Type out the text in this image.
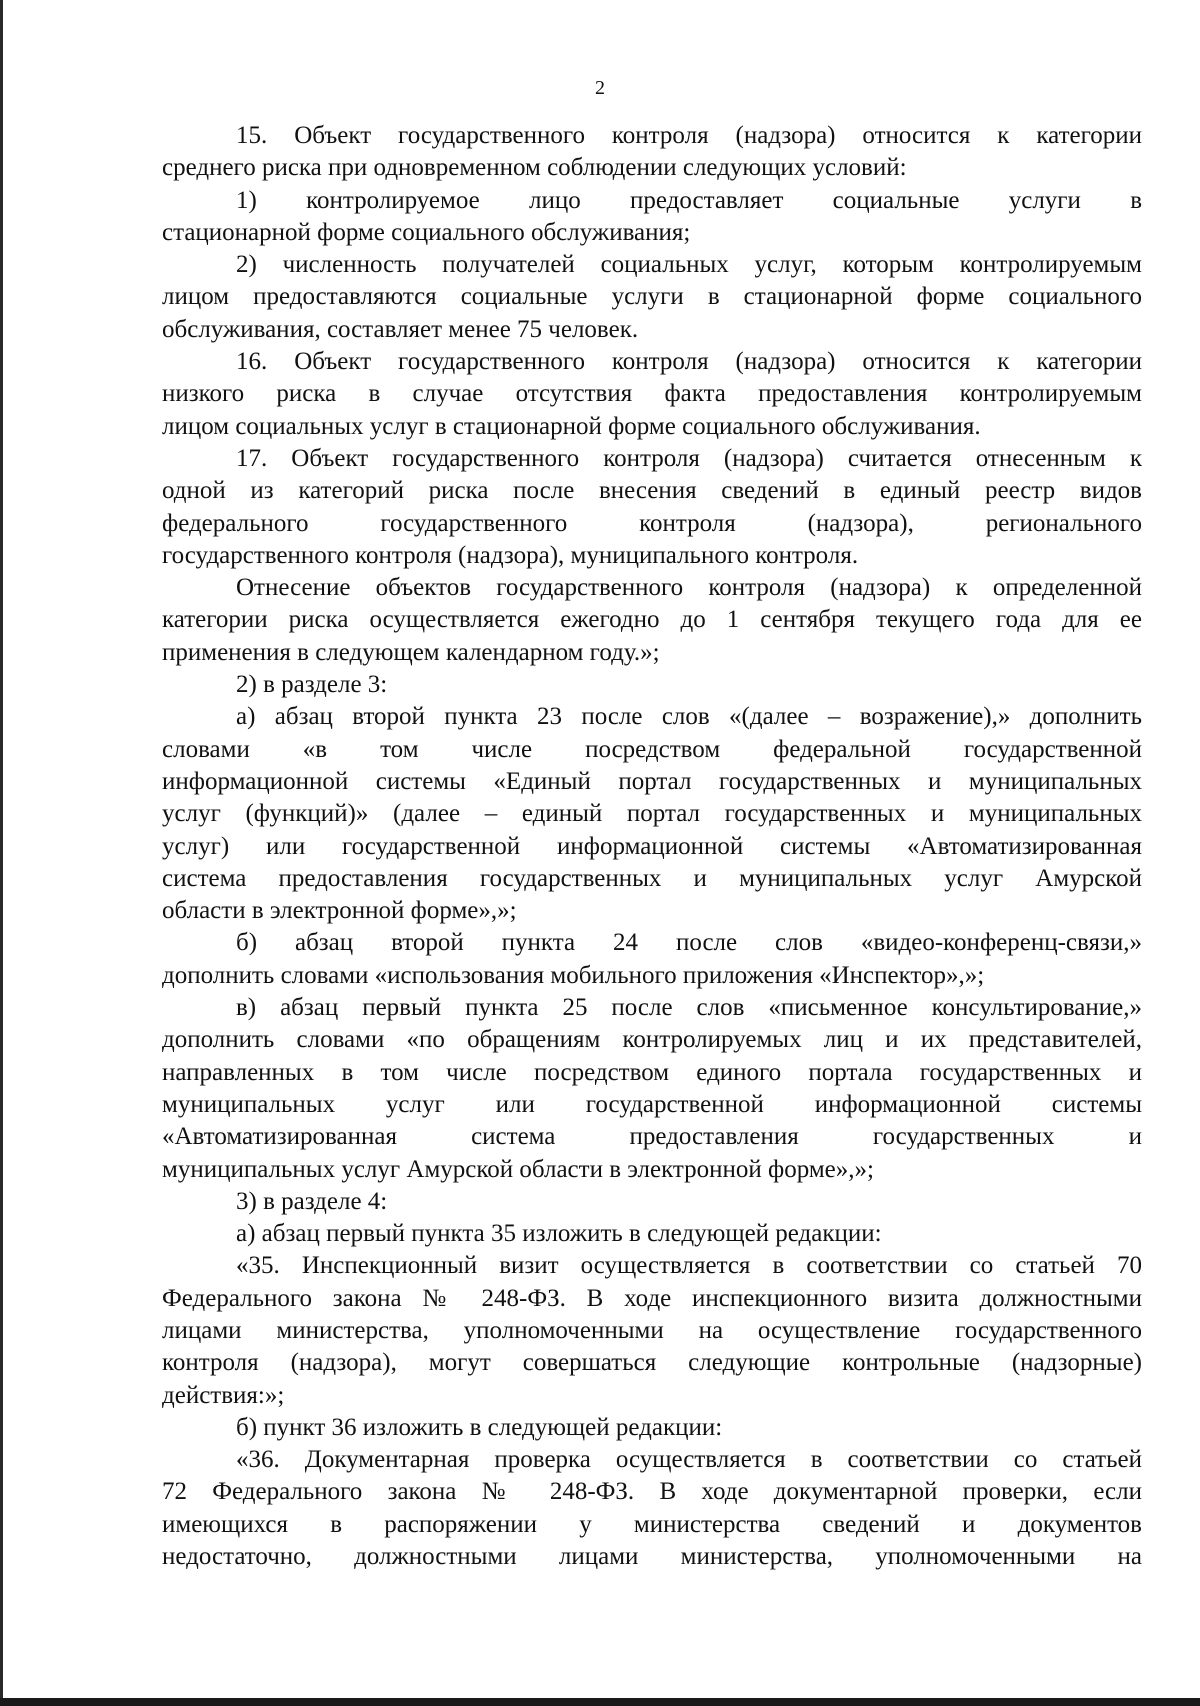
2
15. Объект государственного контроля (надзора) относится к категории
среднего риска при одновременном соблюдении следующих условий:
1) контролируемое лицо предоставляет социальные услуги в
стационарной форме социального обслуживания;
2) численность получателей социальных услуг, которым контролируемым
лицом предоставляются социальные услуги в стационарной форме социального
обслуживания, составляет менее 75 человек.
16. Объект государственного контроля (надзора) относится к категории
низкого риска в случае отсутствия факта предоставления контролируемым
лицом социальных услуг в стационарной форме социального обслуживания.
17. Объект государственного контроля (надзора) считается отнесенным к
одной из категорий риска после внесения сведений в единый реестр видов
федерального государственного контроля (надзора), регионального
государственного контроля (надзора), муниципального контроля.
Отнесение объектов государственного контроля (надзора) к определенной
категории риска осуществляется ежегодно до 1 сентября текущего года для ее
применения в следующем календарном году.»;
2) в разделе 3:
а) абзац второй пункта 23 после слов «(далее – возражение),» дополнить
словами «в том числе посредством федеральной государственной
информационной системы «Единый портал государственных и муниципальных
услуг (функций)» (далее – единый портал государственных и муниципальных
услуг) или государственной информационной системы «Автоматизированная
система предоставления государственных и муниципальных услуг Амурской
области в электронной форме»,»;
б) абзац второй пункта 24 после слов «видео-конференц-связи,»
дополнить словами «использования мобильного приложения «Инспектор»,»;
в) абзац первый пункта 25 после слов «письменное консультирование,»
дополнить словами «по обращениям контролируемых лиц и их представителей,
направленных в том числе посредством единого портала государственных и
муниципальных услуг или государственной информационной системы
«Автоматизированная система предоставления государственных и
муниципальных услуг Амурской области в электронной форме»,»;
3) в разделе 4:
а) абзац первый пункта 35 изложить в следующей редакции:
«35. Инспекционный визит осуществляется в соответствии со статьей 70
Федерального закона № 248-ФЗ. В ходе инспекционного визита должностными
лицами министерства, уполномоченными на осуществление государственного
контроля (надзора), могут совершаться следующие контрольные (надзорные)
действия:»;
б) пункт 36 изложить в следующей редакции:
«36. Документарная проверка осуществляется в соответствии со статьей
72 Федерального закона № 248-ФЗ. В ходе документарной проверки, если
имеющихся в распоряжении у министерства сведений и документов
недостаточно, должностными лицами министерства, уполномоченными на
